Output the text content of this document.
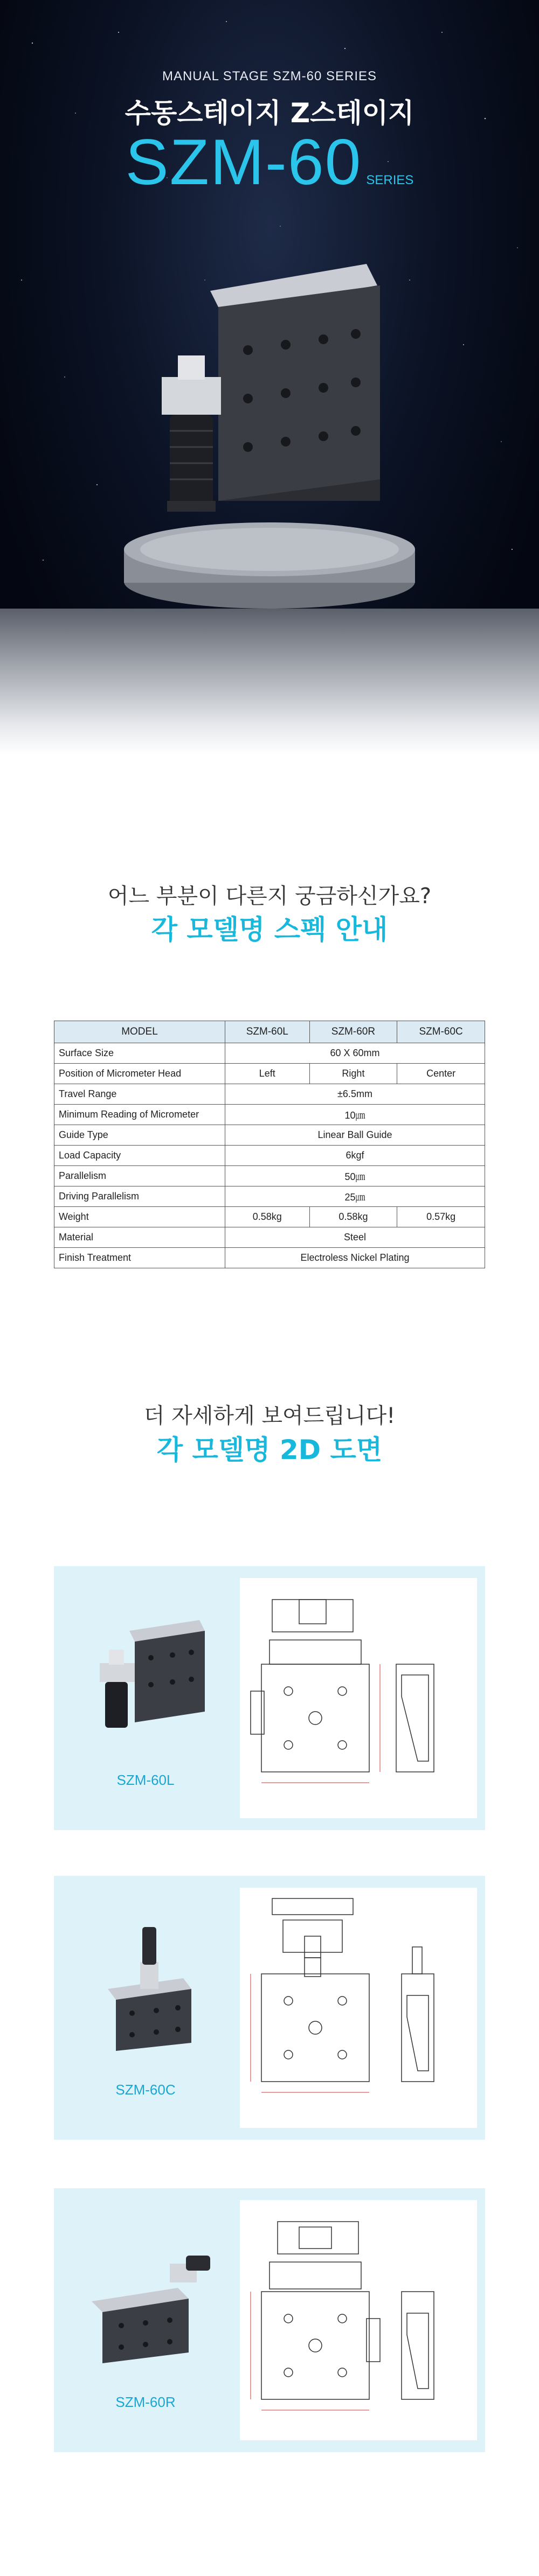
MANUAL STAGE SZM-60 SERIES
수동스테이지 Z스테이지
SZM-60 SERIES
어느 부분이 다른지 궁금하신가요?
각 모델명 스펙 안내
MODEL	SZM-60L	SZM-60R	SZM-60C
Surface Size	60 X 60mm		
Position of Micrometer Head	Left	Right	Center
Travel Range	±6.5mm		
Minimum Reading of Micrometer	10㎛		
Guide Type	Linear Ball Guide		
Load Capacity	6kgf		
Parallelism	50㎛		
Driving Parallelism	25㎛		
Weight	0.58kg	0.58kg	0.57kg
Material	Steel		
Finish Treatment	Electroless Nickel Plating		
더 자세하게 보여드립니다!
각 모델명 2D 도면
SZM-60L
SZM-60C
SZM-60R
